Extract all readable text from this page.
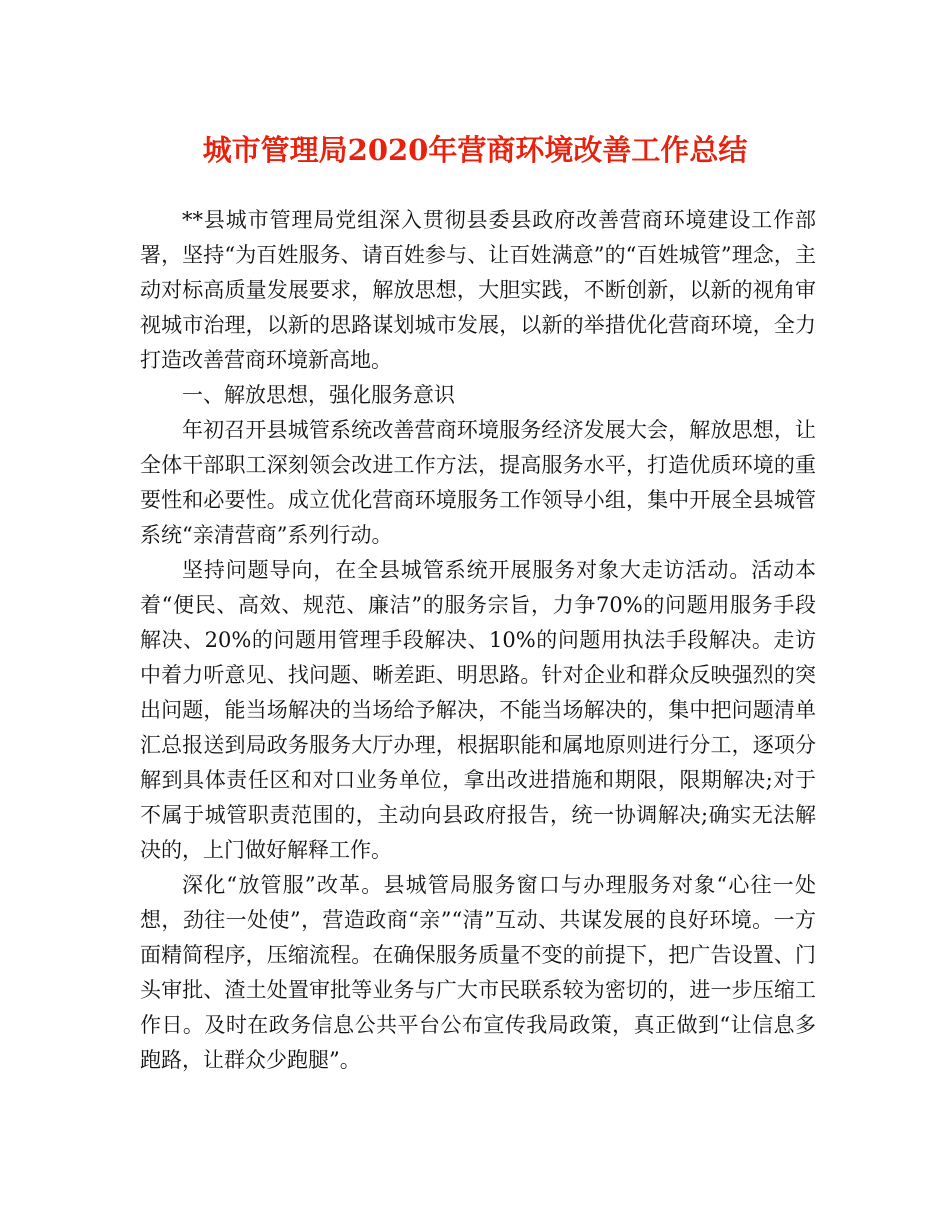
城市管理局2020年营商环境改善工作总结

**县城市管理局党组深入贯彻县委县政府改善营商环境建设工作部署，坚持“为百姓服务、请百姓参与、让百姓满意”的“百姓城管”理念，主动对标高质量发展要求，解放思想，大胆实践，不断创新，以新的视角审视城市治理，以新的思路谋划城市发展，以新的举措优化营商环境，全力打造改善营商环境新高地。

一、解放思想，强化服务意识

年初召开县城管系统改善营商环境服务经济发展大会，解放思想，让全体干部职工深刻领会改进工作方法，提高服务水平，打造优质环境的重要性和必要性。成立优化营商环境服务工作领导小组，集中开展全县城管系统“亲清营商”系列行动。

坚持问题导向，在全县城管系统开展服务对象大走访活动。活动本着“便民、高效、规范、廉洁”的服务宗旨，力争70%的问题用服务手段解决、20%的问题用管理手段解决、10%的问题用执法手段解决。走访中着力听意见、找问题、晰差距、明思路。针对企业和群众反映强烈的突出问题，能当场解决的当场给予解决，不能当场解决的，集中把问题清单汇总报送到局政务服务大厅办理，根据职能和属地原则进行分工，逐项分解到具体责任区和对口业务单位，拿出改进措施和期限，限期解决;对于不属于城管职责范围的，主动向县政府报告，统一协调解决;确实无法解决的，上门做好解释工作。

深化“放管服”改革。县城管局服务窗口与办理服务对象“心往一处想，劲往一处使”，营造政商“亲”“清”互动、共谋发展的良好环境。一方面精简程序，压缩流程。在确保服务质量不变的前提下，把广告设置、门头审批、渣土处置审批等业务与广大市民联系较为密切的，进一步压缩工作日。及时在政务信息公共平台公布宣传我局政策，真正做到“让信息多跑路，让群众少跑腿”。
